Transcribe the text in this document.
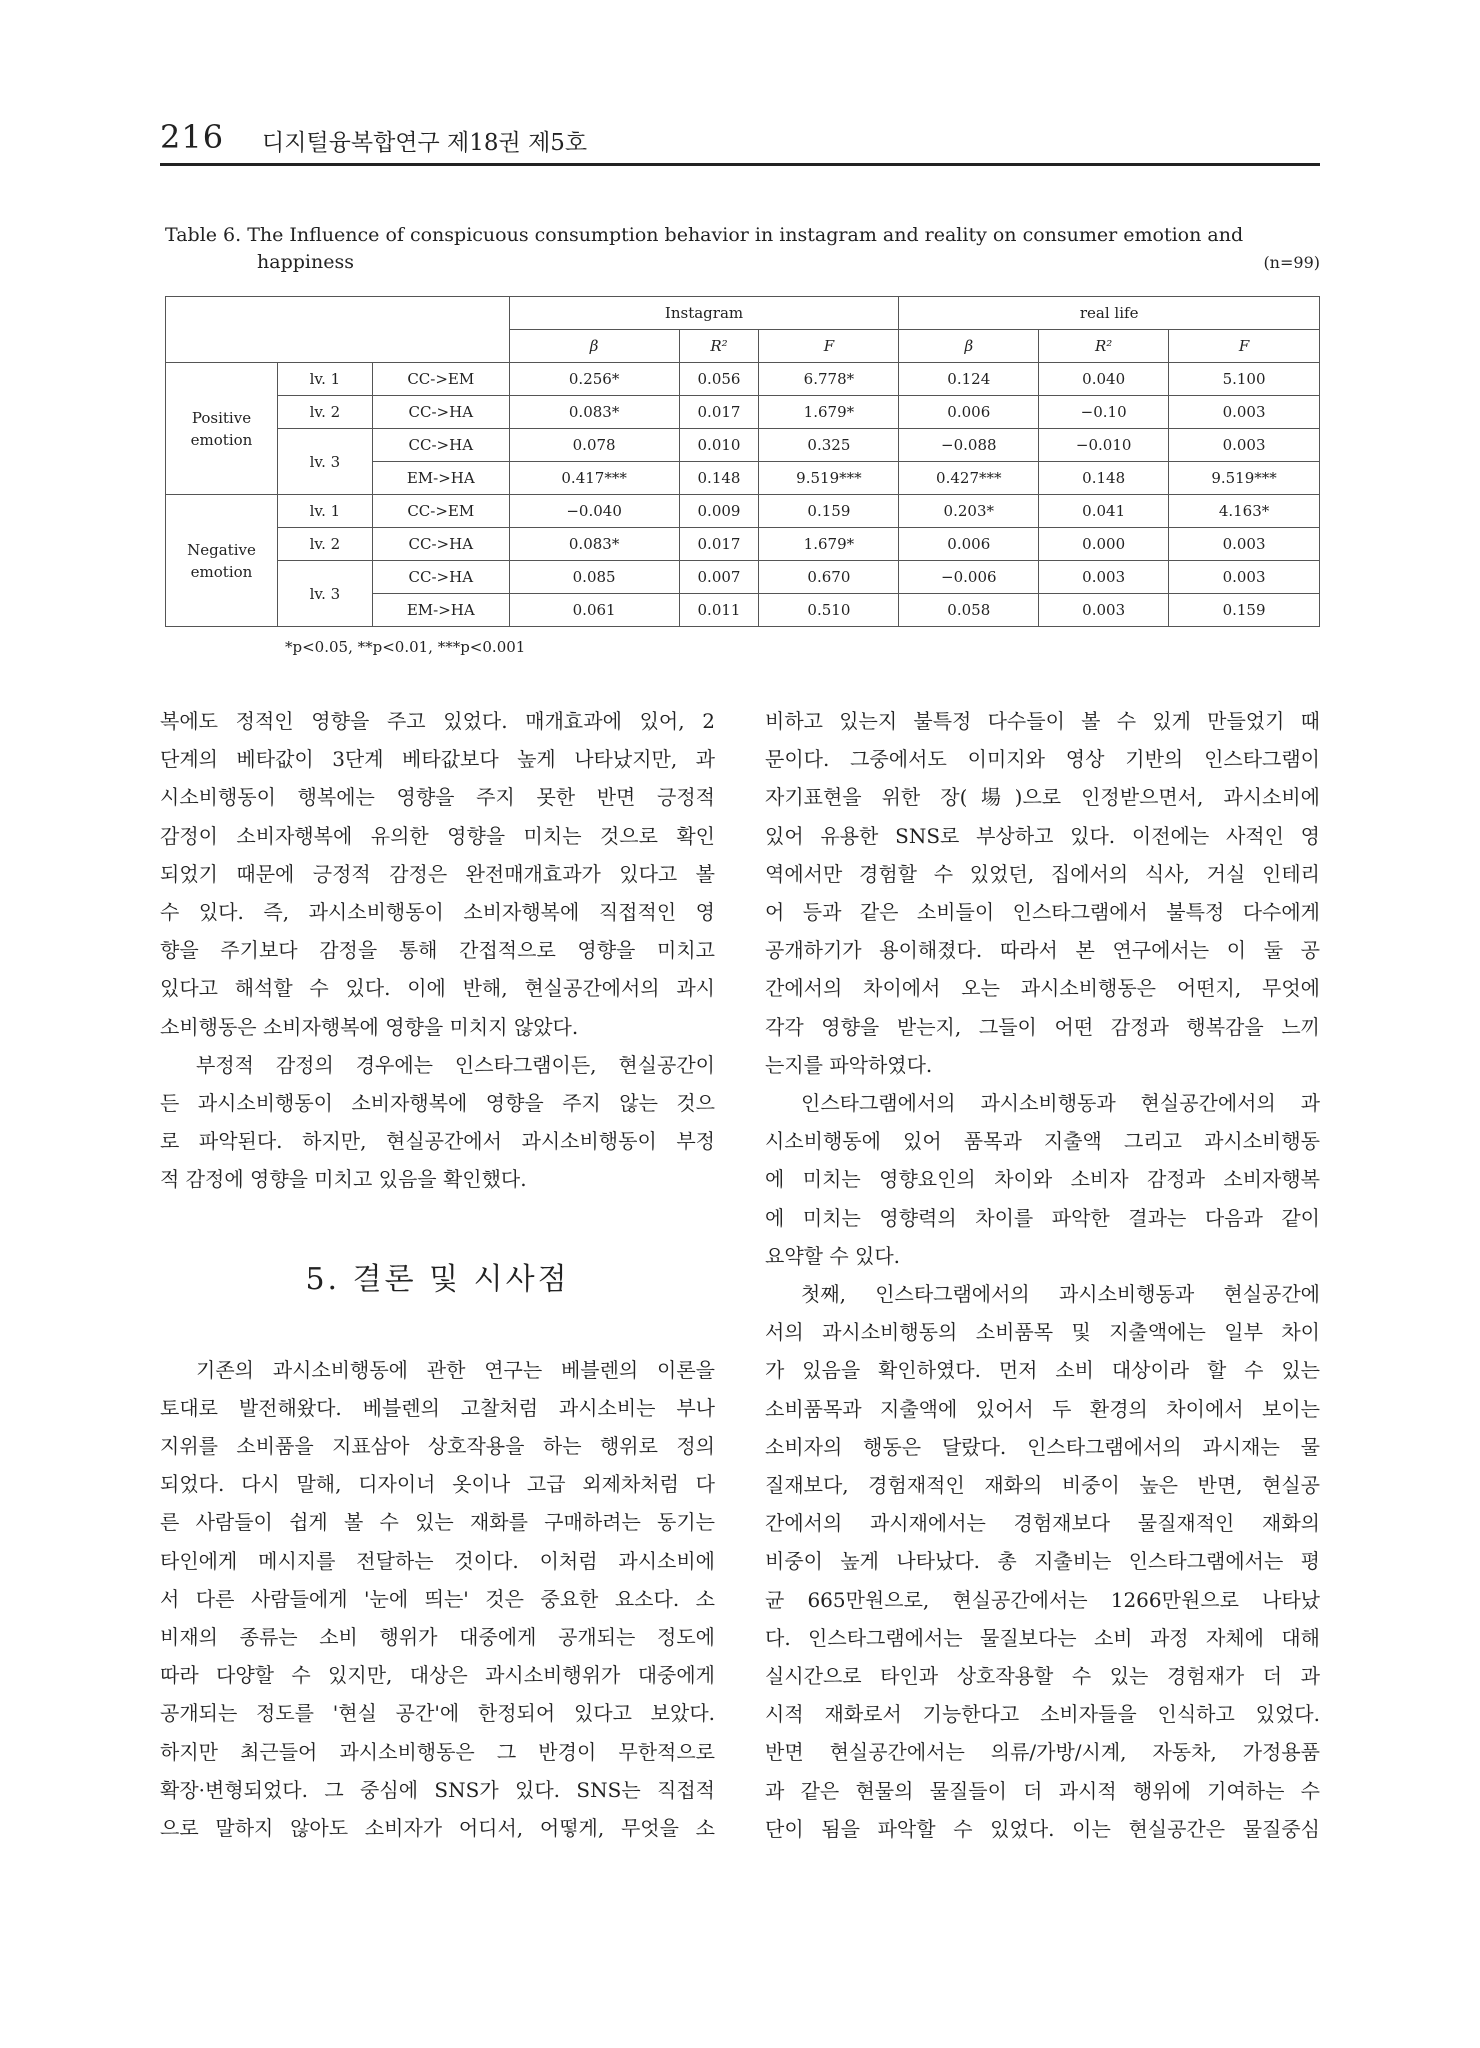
216 디지털융복합연구 제18권 제5호
Table 6. The Influence of conspicuous consumption behavior in instagram and reality on consumer emotion and
happiness	(n=99)
			Instagram			real life		
			β	R²	F	β	R²	F
Positive emotion	lv. 1	CC->EM	0.256*	0.056	6.778*	0.124	0.040	5.100
	lv. 2	CC->HA	0.083*	0.017	1.679*	0.006	−0.10	0.003
	lv. 3	CC->HA	0.078	0.010	0.325	−0.088	−0.010	0.003
		EM->HA	0.417***	0.148	9.519***	0.427***	0.148	9.519***
Negative emotion	lv. 1	CC->EM	−0.040	0.009	0.159	0.203*	0.041	4.163*
	lv. 2	CC->HA	0.083*	0.017	1.679*	0.006	0.000	0.003
	lv. 3	CC->HA	0.085	0.007	0.670	−0.006	0.003	0.003
		EM->HA	0.061	0.011	0.510	0.058	0.003	0.159
*p<0.05, **p<0.01, ***p<0.001

복에도 정적인 영향을 주고 있었다. 매개효과에 있어, 2

단계의 베타값이 3단계 베타값보다 높게 나타났지만, 과

시소비행동이 행복에는 영향을 주지 못한 반면 긍정적

감정이 소비자행복에 유의한 영향을 미치는 것으로 확인

되었기 때문에 긍정적 감정은 완전매개효과가 있다고 볼

수 있다. 즉, 과시소비행동이 소비자행복에 직접적인 영

향을 주기보다 감정을 통해 간접적으로 영향을 미치고

있다고 해석할 수 있다. 이에 반해, 현실공간에서의 과시

소비행동은 소비자행복에 영향을 미치지 않았다.

부정적 감정의 경우에는 인스타그램이든, 현실공간이

든 과시소비행동이 소비자행복에 영향을 주지 않는 것으

로 파악된다. 하지만, 현실공간에서 과시소비행동이 부정

적 감정에 영향을 미치고 있음을 확인했다.

5. 결론 및 시사점

기존의 과시소비행동에 관한 연구는 베블렌의 이론을

토대로 발전해왔다. 베블렌의 고찰처럼 과시소비는 부나

지위를 소비품을 지표삼아 상호작용을 하는 행위로 정의

되었다. 다시 말해, 디자이너 옷이나 고급 외제차처럼 다

른 사람들이 쉽게 볼 수 있는 재화를 구매하려는 동기는

타인에게 메시지를 전달하는 것이다. 이처럼 과시소비에

서 다른 사람들에게 '눈에 띄는' 것은 중요한 요소다. 소

비재의 종류는 소비 행위가 대중에게 공개되는 정도에

따라 다양할 수 있지만, 대상은 과시소비행위가 대중에게

공개되는 정도를 '현실 공간'에 한정되어 있다고 보았다.

하지만 최근들어 과시소비행동은 그 반경이 무한적으로

확장·변형되었다. 그 중심에 SNS가 있다. SNS는 직접적

으로 말하지 않아도 소비자가 어디서, 어떻게, 무엇을 소

비하고 있는지 불특정 다수들이 볼 수 있게 만들었기 때

문이다. 그중에서도 이미지와 영상 기반의 인스타그램이

자기표현을 위한 장(場)으로 인정받으면서, 과시소비에

있어 유용한 SNS로 부상하고 있다. 이전에는 사적인 영

역에서만 경험할 수 있었던, 집에서의 식사, 거실 인테리

어 등과 같은 소비들이 인스타그램에서 불특정 다수에게

공개하기가 용이해졌다. 따라서 본 연구에서는 이 둘 공

간에서의 차이에서 오는 과시소비행동은 어떤지, 무엇에

각각 영향을 받는지, 그들이 어떤 감정과 행복감을 느끼

는지를 파악하였다.

인스타그램에서의 과시소비행동과 현실공간에서의 과

시소비행동에 있어 품목과 지출액 그리고 과시소비행동

에 미치는 영향요인의 차이와 소비자 감정과 소비자행복

에 미치는 영향력의 차이를 파악한 결과는 다음과 같이

요약할 수 있다.

첫째, 인스타그램에서의 과시소비행동과 현실공간에

서의 과시소비행동의 소비품목 및 지출액에는 일부 차이

가 있음을 확인하였다. 먼저 소비 대상이라 할 수 있는

소비품목과 지출액에 있어서 두 환경의 차이에서 보이는

소비자의 행동은 달랐다. 인스타그램에서의 과시재는 물

질재보다, 경험재적인 재화의 비중이 높은 반면, 현실공

간에서의 과시재에서는 경험재보다 물질재적인 재화의

비중이 높게 나타났다. 총 지출비는 인스타그램에서는 평

균 665만원으로, 현실공간에서는 1266만원으로 나타났

다. 인스타그램에서는 물질보다는 소비 과정 자체에 대해

실시간으로 타인과 상호작용할 수 있는 경험재가 더 과

시적 재화로서 기능한다고 소비자들을 인식하고 있었다.

반면 현실공간에서는 의류/가방/시계, 자동차, 가정용품

과 같은 현물의 물질들이 더 과시적 행위에 기여하는 수

단이 됨을 파악할 수 있었다. 이는 현실공간은 물질중심
